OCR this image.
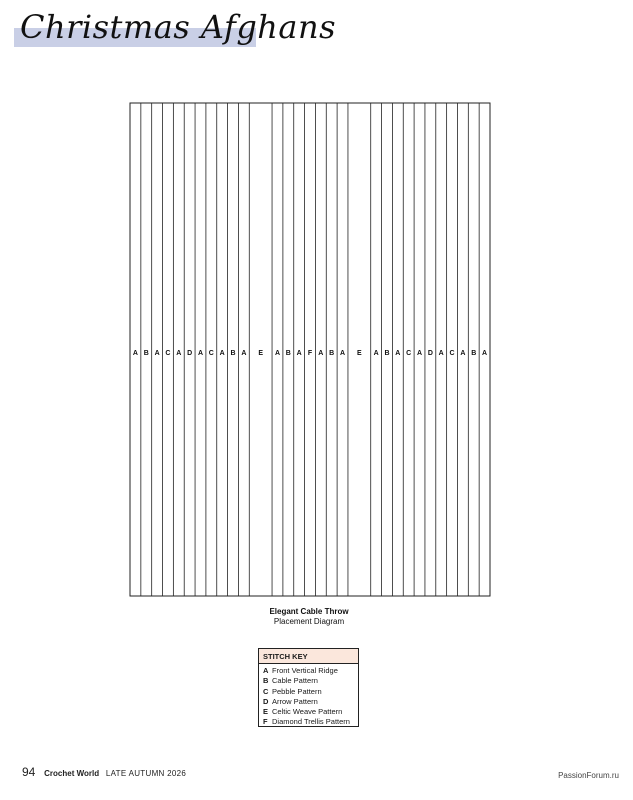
Christmas Afghans
A B A C A D A C A B A E A B A F A B A E A B A C A D A C A B A
Elegant Cable Throw
Placement Diagram
STITCH KEY
A Front Vertical Ridge
B Cable Pattern
C Pebble Pattern
D Arrow Pattern
E Celtic Weave Pattern
F Diamond Trellis Pattern
94 Crochet World LATE AUTUMN 2026	PassionForum.ru
